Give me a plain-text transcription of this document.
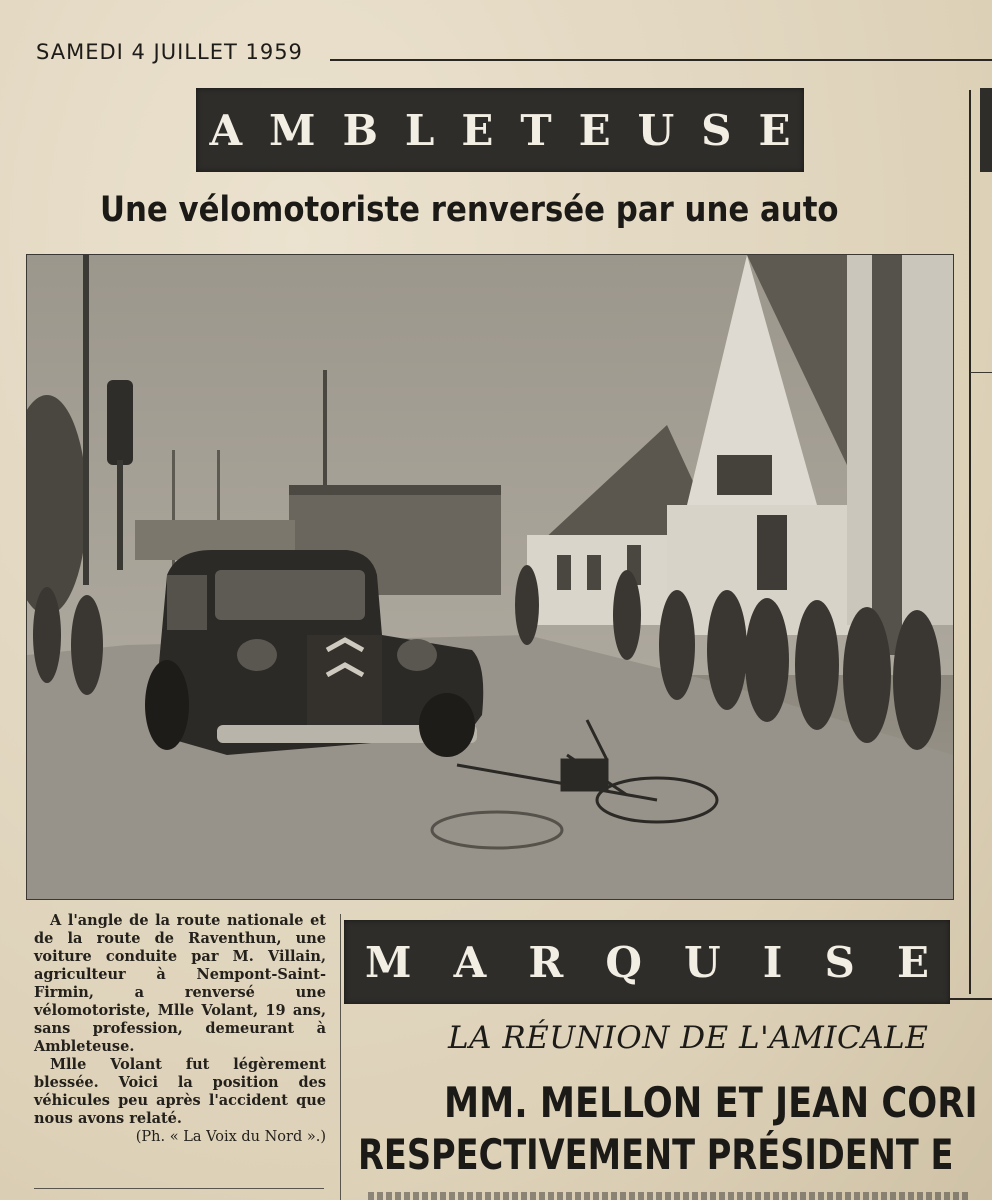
SAMEDI 4 JUILLET 1959
A M B L E T E U S E
Une vélomotoriste renversée par une auto

A l'angle de la route nationale et de la route de Raventhun, une voiture conduite par M. Villain, agriculteur à Nempont-Saint-Firmin, a renversé une vélomotoriste, Mlle Volant, 19 ans, sans profession, demeurant à Ambleteuse.

Mlle Volant fut légèrement blessée. Voici la position des véhicules peu après l'accident que nous avons relaté.

(Ph. « La Voix du Nord ».)

M A R Q U I S E
LA RÉUNION DE L'AMICALE
MM. MELLON ET JEAN CORI
RESPECTIVEMENT PRÉSIDENT E
